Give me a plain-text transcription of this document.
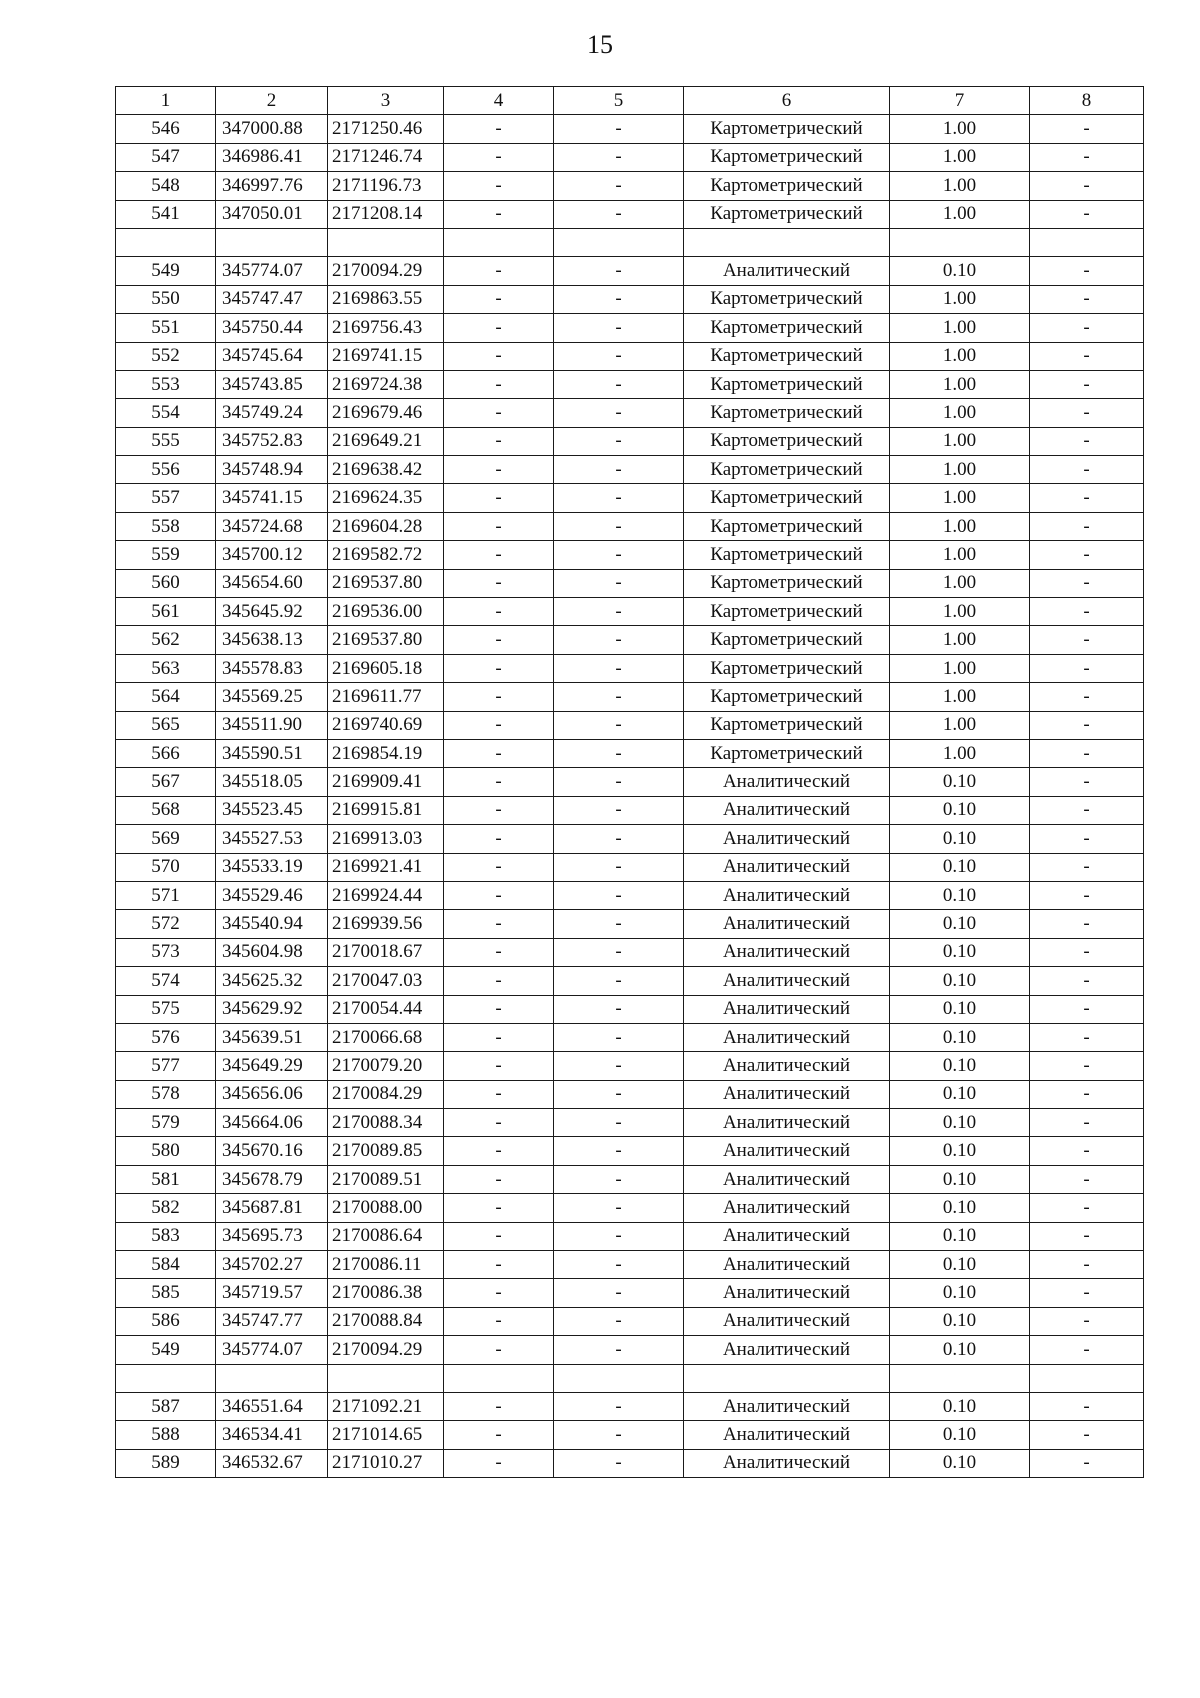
15
1	2	3	4	5	6	7	8
546	347000.88	2171250.46	-	-	Картометрический	1.00	-
547	346986.41	2171246.74	-	-	Картометрический	1.00	-
548	346997.76	2171196.73	-	-	Картометрический	1.00	-
541	347050.01	2171208.14	-	-	Картометрический	1.00	-

549	345774.07	2170094.29	-	-	Аналитический	0.10	-
550	345747.47	2169863.55	-	-	Картометрический	1.00	-
551	345750.44	2169756.43	-	-	Картометрический	1.00	-
552	345745.64	2169741.15	-	-	Картометрический	1.00	-
553	345743.85	2169724.38	-	-	Картометрический	1.00	-
554	345749.24	2169679.46	-	-	Картометрический	1.00	-
555	345752.83	2169649.21	-	-	Картометрический	1.00	-
556	345748.94	2169638.42	-	-	Картометрический	1.00	-
557	345741.15	2169624.35	-	-	Картометрический	1.00	-
558	345724.68	2169604.28	-	-	Картометрический	1.00	-
559	345700.12	2169582.72	-	-	Картометрический	1.00	-
560	345654.60	2169537.80	-	-	Картометрический	1.00	-
561	345645.92	2169536.00	-	-	Картометрический	1.00	-
562	345638.13	2169537.80	-	-	Картометрический	1.00	-
563	345578.83	2169605.18	-	-	Картометрический	1.00	-
564	345569.25	2169611.77	-	-	Картометрический	1.00	-
565	345511.90	2169740.69	-	-	Картометрический	1.00	-
566	345590.51	2169854.19	-	-	Картометрический	1.00	-
567	345518.05	2169909.41	-	-	Аналитический	0.10	-
568	345523.45	2169915.81	-	-	Аналитический	0.10	-
569	345527.53	2169913.03	-	-	Аналитический	0.10	-
570	345533.19	2169921.41	-	-	Аналитический	0.10	-
571	345529.46	2169924.44	-	-	Аналитический	0.10	-
572	345540.94	2169939.56	-	-	Аналитический	0.10	-
573	345604.98	2170018.67	-	-	Аналитический	0.10	-
574	345625.32	2170047.03	-	-	Аналитический	0.10	-
575	345629.92	2170054.44	-	-	Аналитический	0.10	-
576	345639.51	2170066.68	-	-	Аналитический	0.10	-
577	345649.29	2170079.20	-	-	Аналитический	0.10	-
578	345656.06	2170084.29	-	-	Аналитический	0.10	-
579	345664.06	2170088.34	-	-	Аналитический	0.10	-
580	345670.16	2170089.85	-	-	Аналитический	0.10	-
581	345678.79	2170089.51	-	-	Аналитический	0.10	-
582	345687.81	2170088.00	-	-	Аналитический	0.10	-
583	345695.73	2170086.64	-	-	Аналитический	0.10	-
584	345702.27	2170086.11	-	-	Аналитический	0.10	-
585	345719.57	2170086.38	-	-	Аналитический	0.10	-
586	345747.77	2170088.84	-	-	Аналитический	0.10	-
549	345774.07	2170094.29	-	-	Аналитический	0.10	-

587	346551.64	2171092.21	-	-	Аналитический	0.10	-
588	346534.41	2171014.65	-	-	Аналитический	0.10	-
589	346532.67	2171010.27	-	-	Аналитический	0.10	-
